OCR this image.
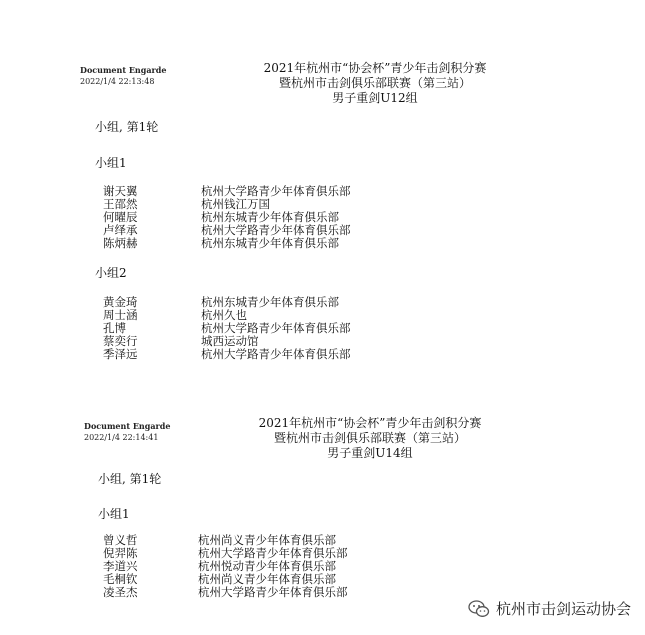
Document Engarde
2022/1/4 22:13:48
2021年杭州市“协会杯”青少年击剑积分赛
暨杭州市击剑俱乐部联赛（第三站）
男子重剑U12组
小组, 第1轮
小组1
谢天翼	杭州大学路青少年体育俱乐部
王邵然	杭州钱江万国
何曜辰	杭州东城青少年体育俱乐部
卢绎承	杭州大学路青少年体育俱乐部
陈炳赫	杭州东城青少年体育俱乐部
小组2
黄金琦	杭州东城青少年体育俱乐部
周士涵	杭州久也
孔博	杭州大学路青少年体育俱乐部
蔡奕行	城西运动馆
季泽远	杭州大学路青少年体育俱乐部
Document Engarde
2022/1/4 22:14:41
2021年杭州市“协会杯”青少年击剑积分赛
暨杭州市击剑俱乐部联赛（第三站）
男子重剑U14组
小组, 第1轮
小组1
曾义哲	杭州尚义青少年体育俱乐部
倪羿陈	杭州大学路青少年体育俱乐部
李道兴	杭州悦动青少年体育俱乐部
毛桐钦	杭州尚义青少年体育俱乐部
凌圣杰	杭州大学路青少年体育俱乐部
杭州市击剑运动协会
